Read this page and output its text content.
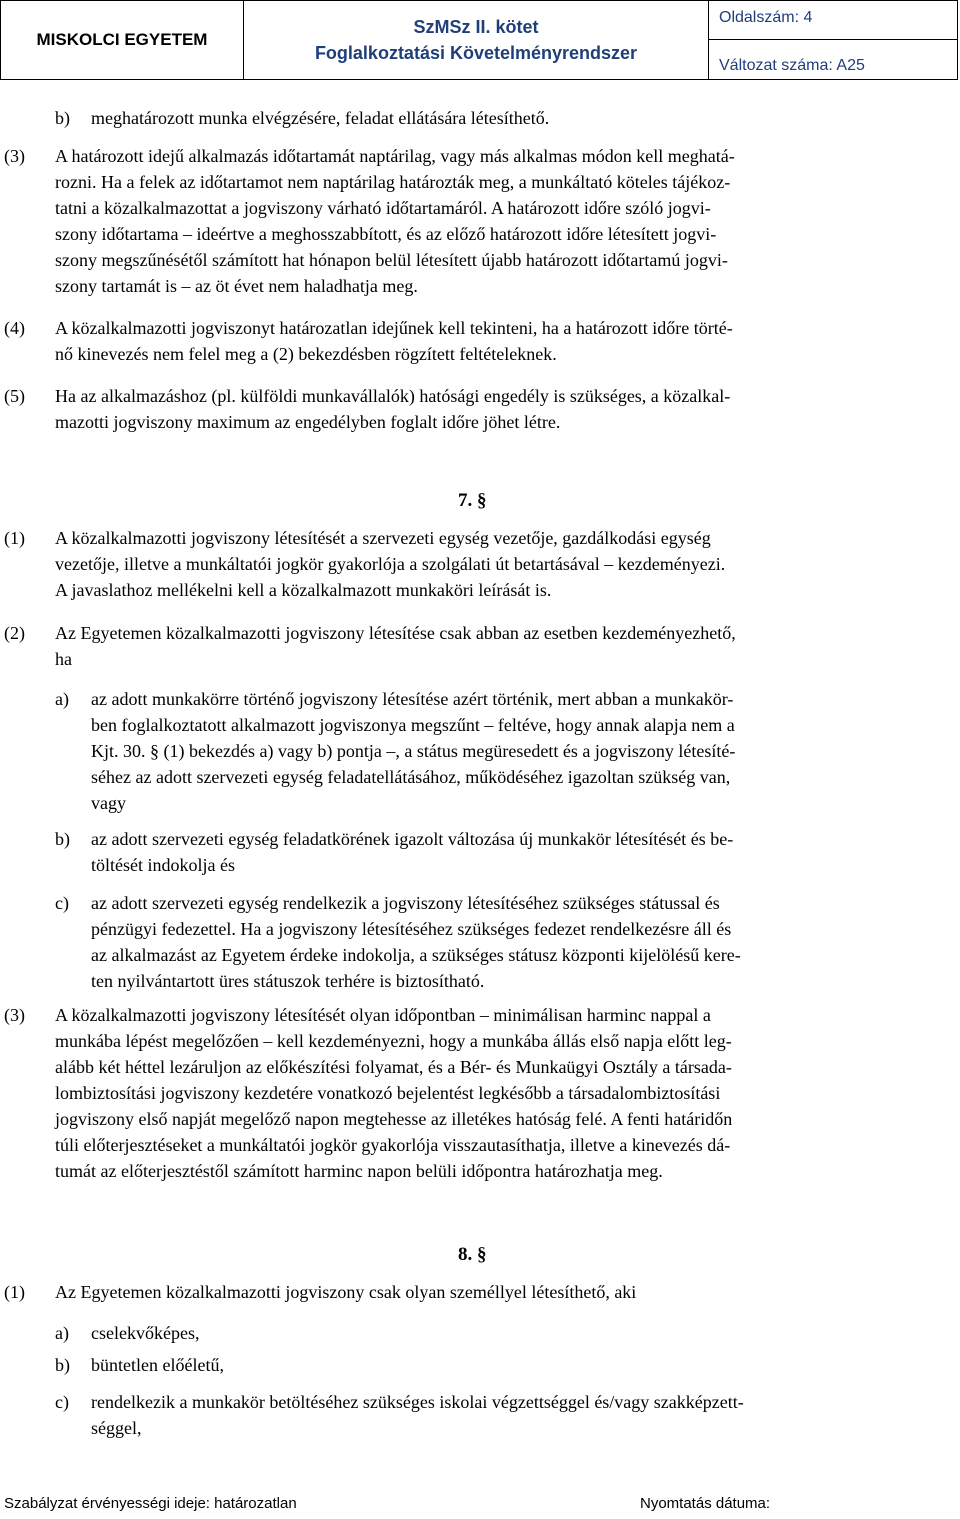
MISKOLCI EGYETEM
SzMSz II. kötet
Foglalkoztatási Követelményrendszer
Oldalszám: 4
Változat száma: A25
b) meghatározott munka elvégzésére, feladat ellátására létesíthető.
(3) A határozott idejű alkalmazás időtartamát naptárilag, vagy más alkalmas módon kell meghatá-
rozni. Ha a felek az időtartamot nem naptárilag határozták meg, a munkáltató köteles tájékoz-
tatni a közalkalmazottat a jogviszony várható időtartamáról. A határozott időre szóló jogvi-
szony időtartama – ideértve a meghosszabbított, és az előző határozott időre létesített jogvi-
szony megszűnésétől számított hat hónapon belül létesített újabb határozott időtartamú jogvi-
szony tartamát is – az öt évet nem haladhatja meg.
(4) A közalkalmazotti jogviszonyt határozatlan idejűnek kell tekinteni, ha a határozott időre törté-
nő kinevezés nem felel meg a (2) bekezdésben rögzített feltételeknek.
(5) Ha az alkalmazáshoz (pl. külföldi munkavállalók) hatósági engedély is szükséges, a közalkal-
mazotti jogviszony maximum az engedélyben foglalt időre jöhet létre.
7. §
(1) A közalkalmazotti jogviszony létesítését a szervezeti egység vezetője, gazdálkodási egység
vezetője, illetve a munkáltatói jogkör gyakorlója a szolgálati út betartásával – kezdeményezi.
A javaslathoz mellékelni kell a közalkalmazott munkaköri leírását is.
(2) Az Egyetemen közalkalmazotti jogviszony létesítése csak abban az esetben kezdeményezhető,
ha
a) az adott munkakörre történő jogviszony létesítése azért történik, mert abban a munkakör-
ben foglalkoztatott alkalmazott jogviszonya megszűnt – feltéve, hogy annak alapja nem a
Kjt. 30. § (1) bekezdés a) vagy b) pontja –, a státus megüresedett és a jogviszony létesíté-
séhez az adott szervezeti egység feladatellátásához, működéséhez igazoltan szükség van,
vagy
b) az adott szervezeti egység feladatkörének igazolt változása új munkakör létesítését és be-
töltését indokolja és
c) az adott szervezeti egység rendelkezik a jogviszony létesítéséhez szükséges státussal és
pénzügyi fedezettel. Ha a jogviszony létesítéséhez szükséges fedezet rendelkezésre áll és
az alkalmazást az Egyetem érdeke indokolja, a szükséges státusz központi kijelölésű kere-
ten nyilvántartott üres státuszok terhére is biztosítható.
(3) A közalkalmazotti jogviszony létesítését olyan időpontban – minimálisan harminc nappal a
munkába lépést megelőzően – kell kezdeményezni, hogy a munkába állás első napja előtt leg-
alább két héttel lezáruljon az előkészítési folyamat, és a Bér- és Munkaügyi Osztály a társada-
lombiztosítási jogviszony kezdetére vonatkozó bejelentést legkésőbb a társadalombiztosítási
jogviszony első napját megelőző napon megtehesse az illetékes hatóság felé. A fenti határidőn
túli előterjesztéseket a munkáltatói jogkör gyakorlója visszautasíthatja, illetve a kinevezés dá-
tumát az előterjesztéstől számított harminc napon belüli időpontra határozhatja meg.
8. §
(1) Az Egyetemen közalkalmazotti jogviszony csak olyan személlyel létesíthető, aki
a) cselekvőképes,
b) büntetlen előéletű,
c) rendelkezik a munkakör betöltéséhez szükséges iskolai végzettséggel és/vagy szakképzett-
séggel,
Szabályzat érvényességi ideje: határozatlan	Nyomtatás dátuma:
